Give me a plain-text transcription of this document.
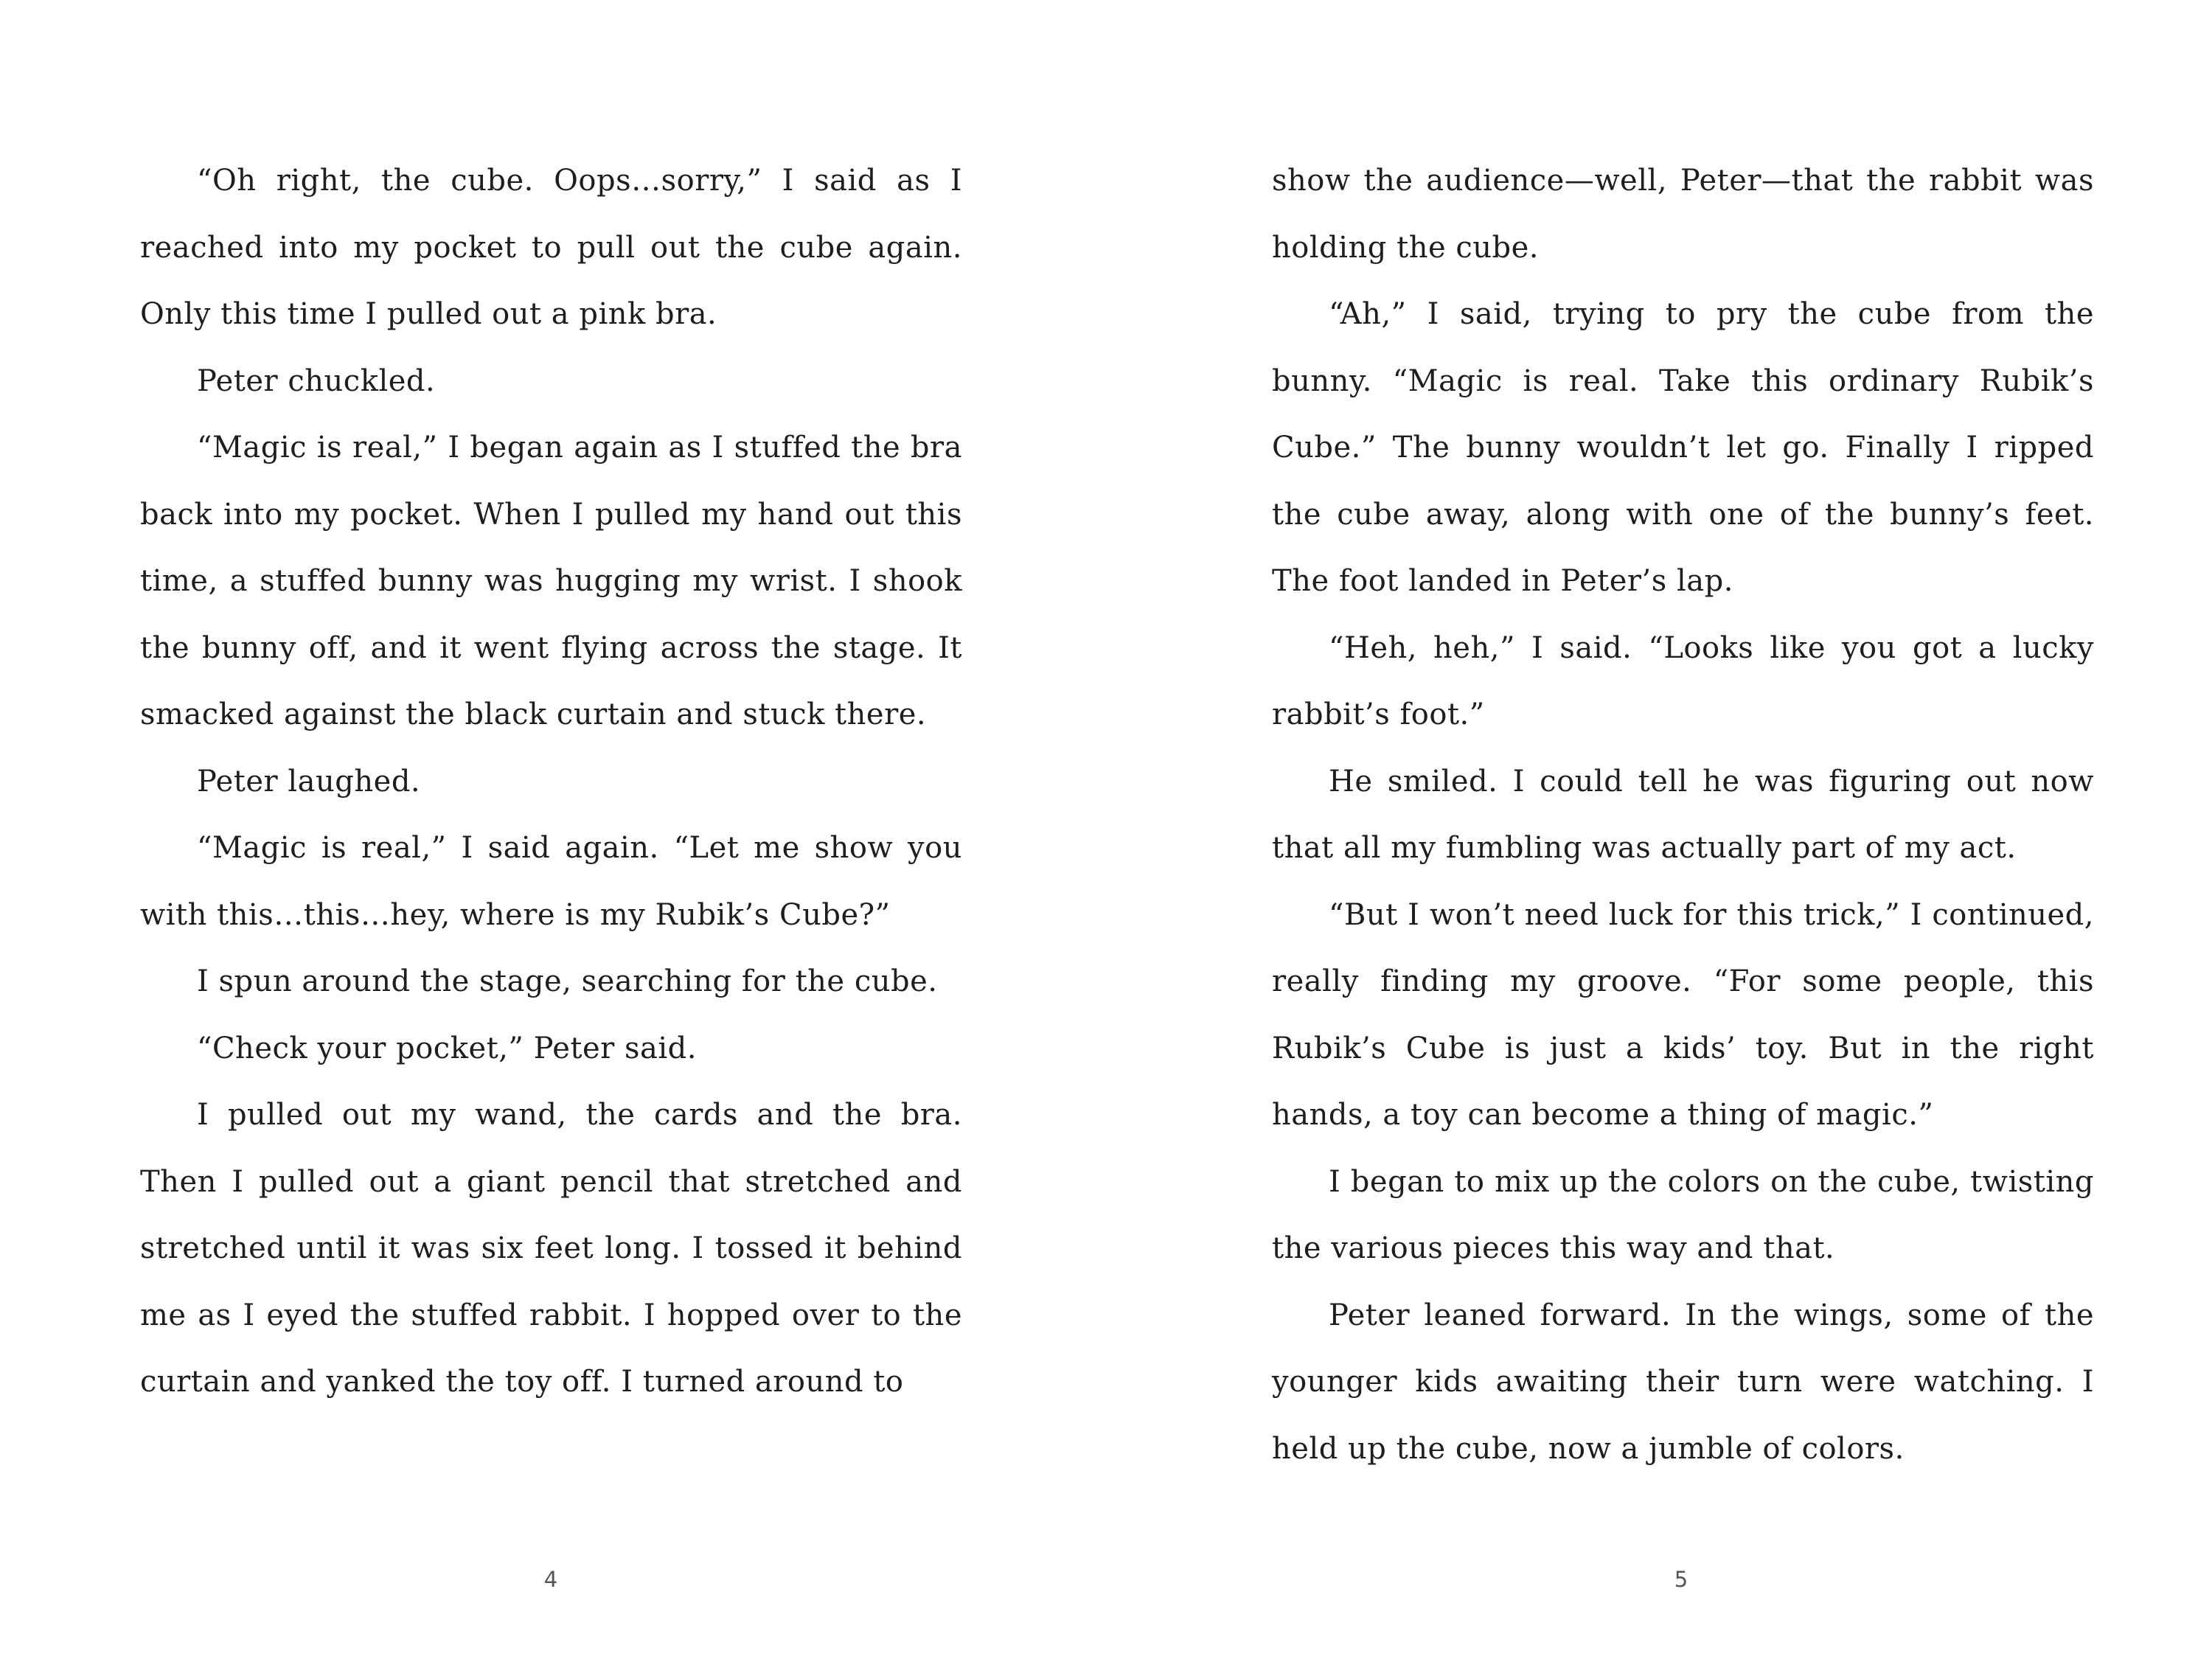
“Oh right, the cube. Oops…sorry,” I said as I reached into my pocket to pull out the cube again. Only this time I pulled out a pink bra.

Peter chuckled.

“Magic is real,” I began again as I stuffed the bra back into my pocket. When I pulled my hand out this time, a stuffed bunny was hugging my wrist. I shook the bunny off, and it went flying across the stage. It smacked against the black curtain and stuck there.

Peter laughed.

“Magic is real,” I said again. “Let me show you with this…this…hey, where is my Rubik’s Cube?”

I spun around the stage, searching for the cube.

“Check your pocket,” Peter said.

I pulled out my wand, the cards and the bra. Then I pulled out a giant pencil that stretched and stretched until it was six feet long. I tossed it behind me as I eyed the stuffed rabbit. I hopped over to the curtain and yanked the toy off. I turned around to

4

show the audience—well, Peter—that the rabbit was holding the cube.

“Ah,” I said, trying to pry the cube from the bunny. “Magic is real. Take this ordinary Rubik’s Cube.” The bunny wouldn’t let go. Finally I ripped the cube away, along with one of the bunny’s feet. The foot landed in Peter’s lap.

“Heh, heh,” I said. “Looks like you got a lucky rabbit’s foot.”

He smiled. I could tell he was figuring out now that all my fumbling was actually part of my act.

“But I won’t need luck for this trick,” I continued, really finding my groove. “For some people, this Rubik’s Cube is just a kids’ toy. But in the right hands, a toy can become a thing of magic.”

I began to mix up the colors on the cube, twisting the various pieces this way and that.

Peter leaned forward. In the wings, some of the younger kids awaiting their turn were watching. I held up the cube, now a jumble of colors.

5
